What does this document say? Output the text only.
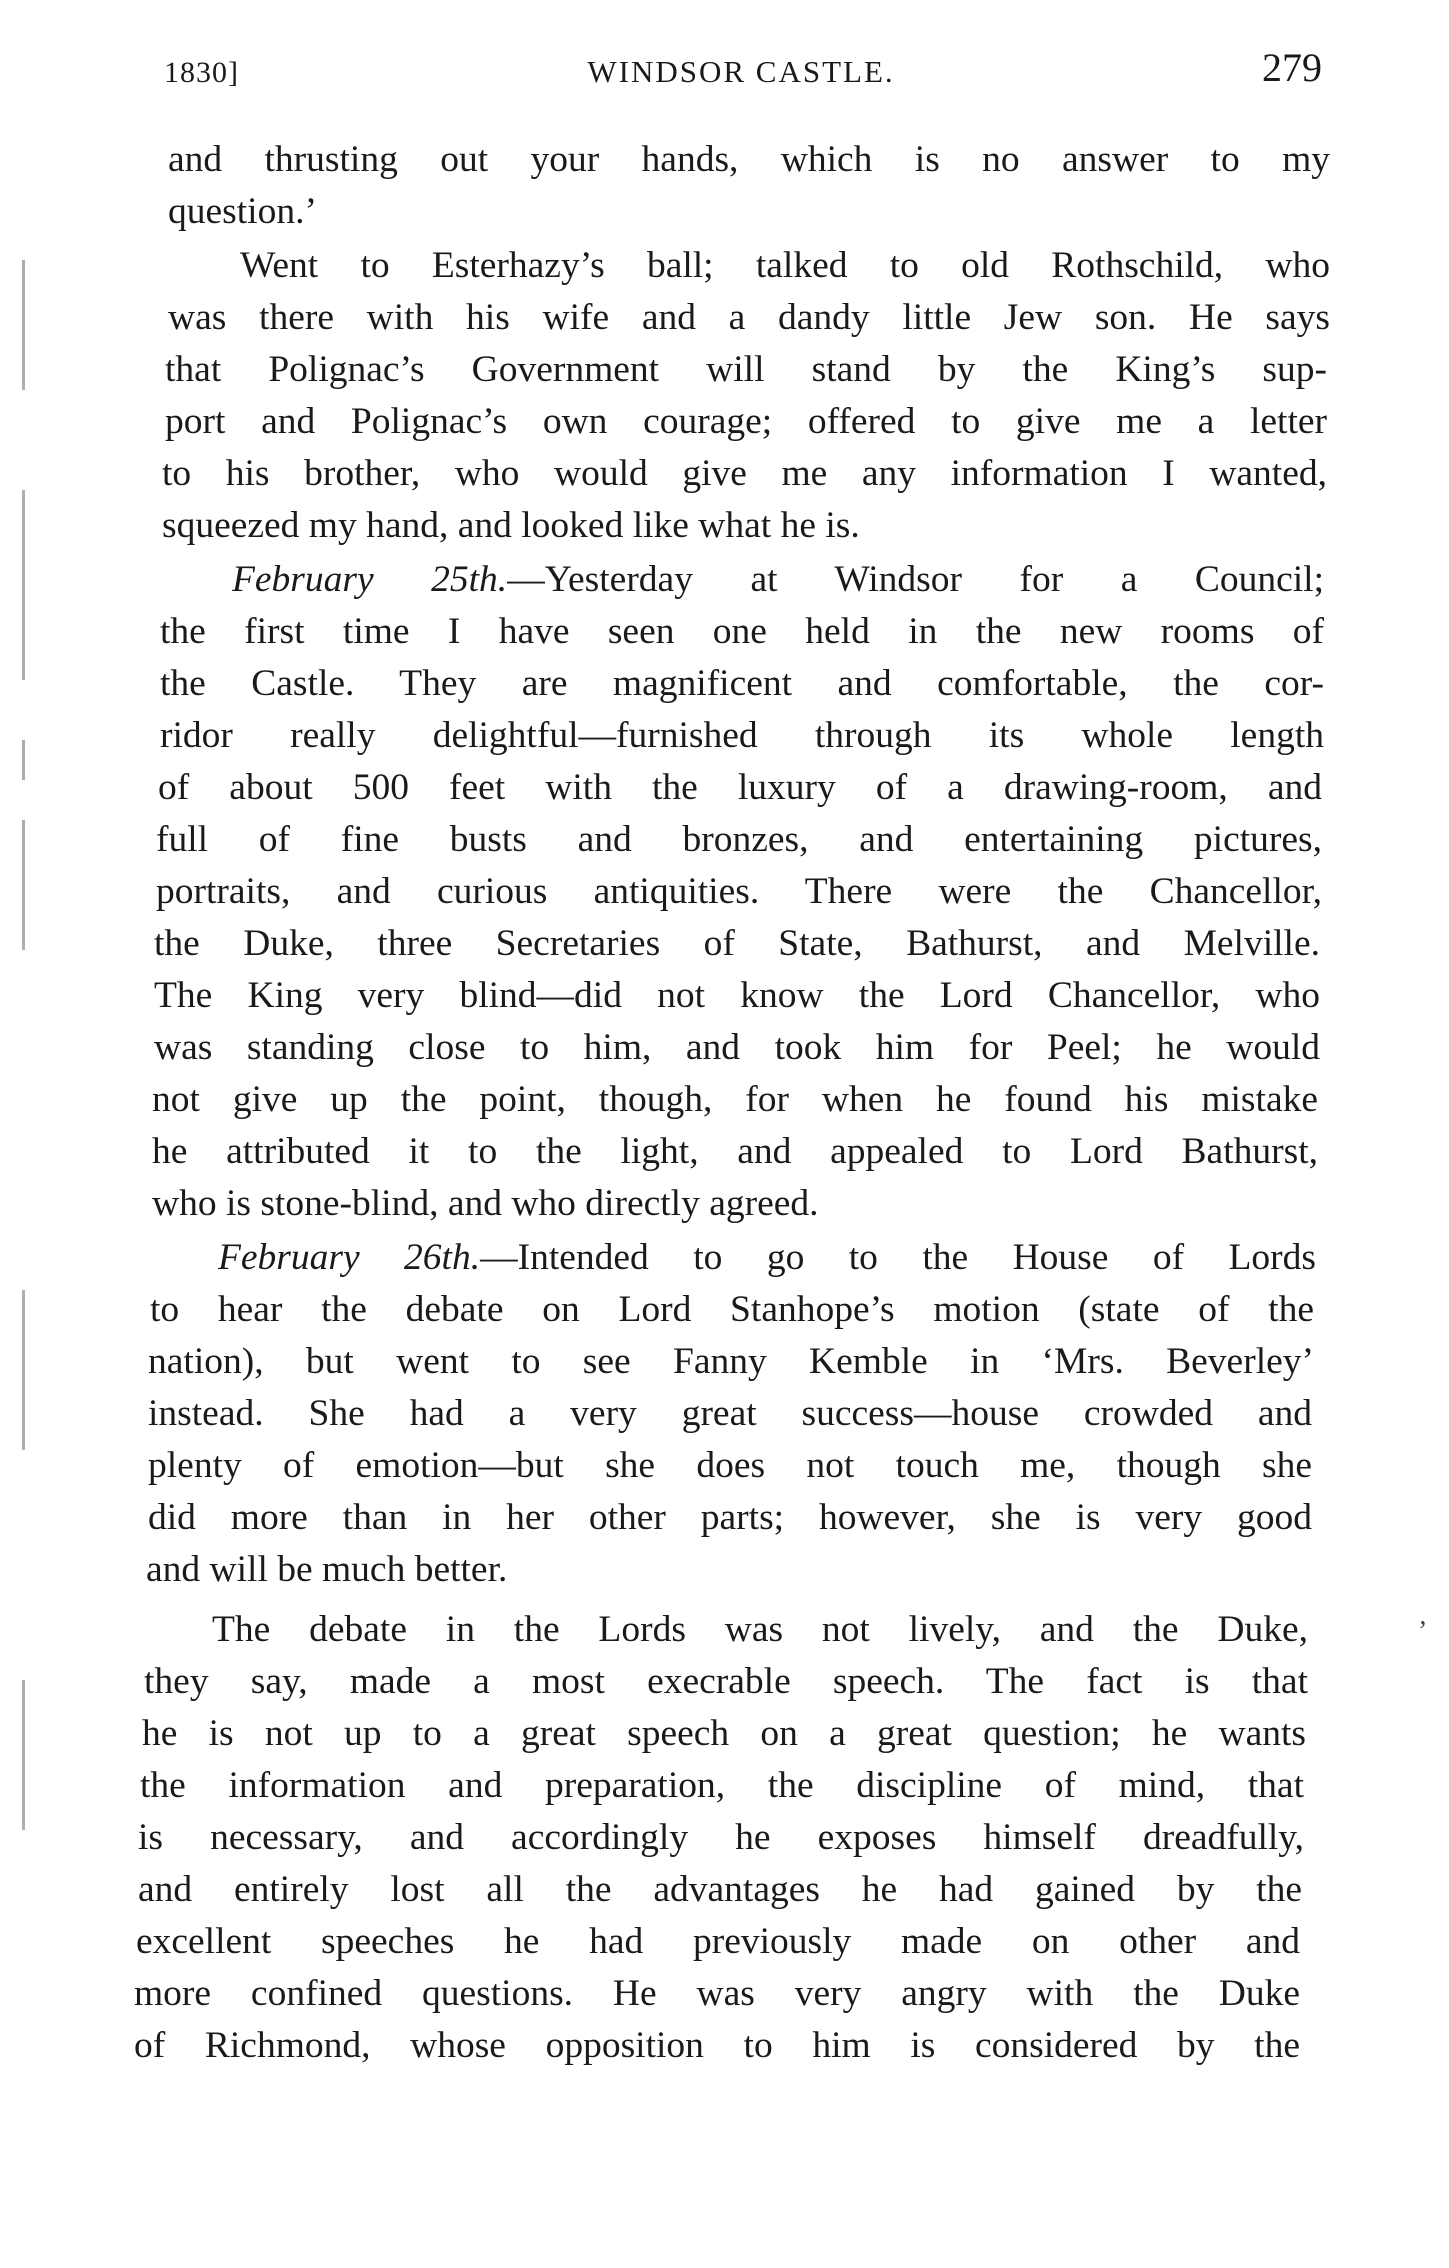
1830]	WINDSOR CASTLE.	279
and thrusting out your hands, which is no answer to my
question.’
Went to Esterhazy’s ball; talked to old Rothschild, who
was there with his wife and a dandy little Jew son. He says
that Polignac’s Government will stand by the King’s sup-
port and Polignac’s own courage; offered to give me a letter
to his brother, who would give me any information I wanted,
squeezed my hand, and looked like what he is.
February 25th.—Yesterday at Windsor for a Council;
the first time I have seen one held in the new rooms of
the Castle. They are magnificent and comfortable, the cor-
ridor really delightful—furnished through its whole length
of about 500 feet with the luxury of a drawing-room, and
full of fine busts and bronzes, and entertaining pictures,
portraits, and curious antiquities. There were the Chancellor,
the Duke, three Secretaries of State, Bathurst, and Melville.
The King very blind—did not know the Lord Chancellor, who
was standing close to him, and took him for Peel; he would
not give up the point, though, for when he found his mistake
he attributed it to the light, and appealed to Lord Bathurst,
who is stone-blind, and who directly agreed.
February 26th.—Intended to go to the House of Lords
to hear the debate on Lord Stanhope’s motion (state of the
nation), but went to see Fanny Kemble in ‘Mrs. Beverley’
instead. She had a very great success—house crowded and
plenty of emotion—but she does not touch me, though she
did more than in her other parts; however, she is very good
and will be much better.
The debate in the Lords was not lively, and the Duke,
they say, made a most execrable speech. The fact is that
he is not up to a great speech on a great question; he wants
the information and preparation, the discipline of mind, that
is necessary, and accordingly he exposes himself dreadfully,
and entirely lost all the advantages he had gained by the
excellent speeches he had previously made on other and
more confined questions. He was very angry with the Duke
of Richmond, whose opposition to him is considered by the
ʼ
